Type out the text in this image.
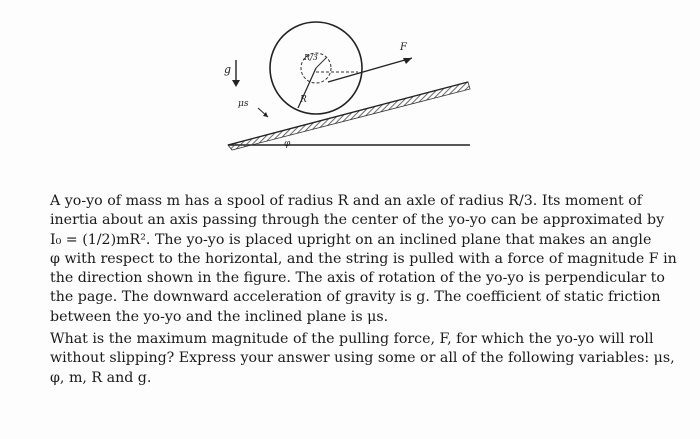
g
μs
R/3
R
F
φ

A yo-yo of mass m has a spool of radius R and an axle of radius R/3. Its moment of
inertia about an axis passing through the center of the yo-yo can be approximated by
I₀ = (1/2)mR². The yo-yo is placed upright on an inclined plane that makes an angle
φ with respect to the horizontal, and the string is pulled with a force of magnitude F in
the direction shown in the figure. The axis of rotation of the yo-yo is perpendicular to
the page. The downward acceleration of gravity is g. The coefficient of static friction
between the yo-yo and the inclined plane is μs.

What is the maximum magnitude of the pulling force, F, for which the yo-yo will roll
without slipping? Express your answer using some or all of the following variables: μs,
φ, m, R and g.
